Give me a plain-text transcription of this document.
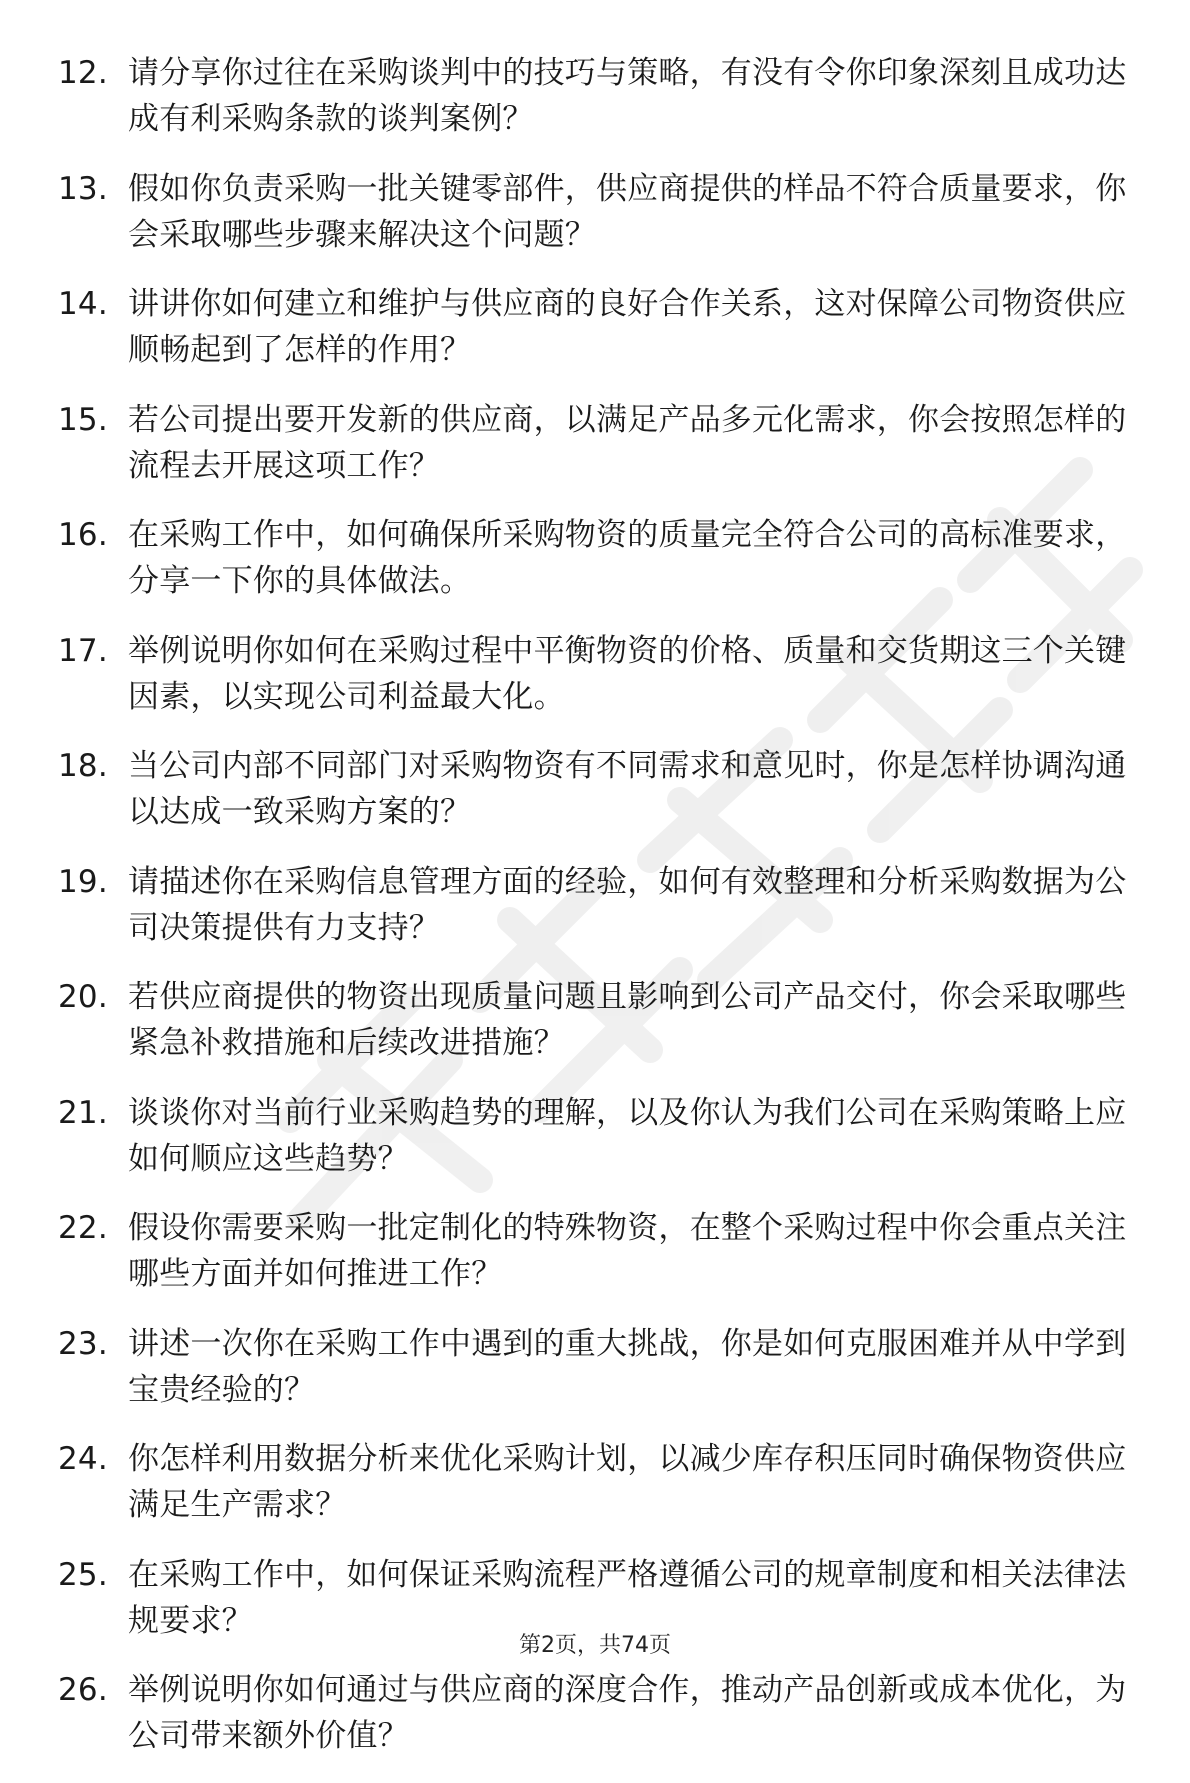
12. 请分享你过往在采购谈判中的技巧与策略，有没有令你印象深刻且成功达成有利采购条款的谈判案例？
13. 假如你负责采购一批关键零部件，供应商提供的样品不符合质量要求，你会采取哪些步骤来解决这个问题？
14. 讲讲你如何建立和维护与供应商的良好合作关系，这对保障公司物资供应顺畅起到了怎样的作用？
15. 若公司提出要开发新的供应商，以满足产品多元化需求，你会按照怎样的流程去开展这项工作？
16. 在采购工作中，如何确保所采购物资的质量完全符合公司的高标准要求，分享一下你的具体做法。
17. 举例说明你如何在采购过程中平衡物资的价格、质量和交货期这三个关键因素，以实现公司利益最大化。
18. 当公司内部不同部门对采购物资有不同需求和意见时，你是怎样协调沟通以达成一致采购方案的？
19. 请描述你在采购信息管理方面的经验，如何有效整理和分析采购数据为公司决策提供有力支持？
20. 若供应商提供的物资出现质量问题且影响到公司产品交付，你会采取哪些紧急补救措施和后续改进措施？
21. 谈谈你对当前行业采购趋势的理解，以及你认为我们公司在采购策略上应如何顺应这些趋势？
22. 假设你需要采购一批定制化的特殊物资，在整个采购过程中你会重点关注哪些方面并如何推进工作？
23. 讲述一次你在采购工作中遇到的重大挑战，你是如何克服困难并从中学到宝贵经验的？
24. 你怎样利用数据分析来优化采购计划，以减少库存积压同时确保物资供应满足生产需求？
25. 在采购工作中，如何保证采购流程严格遵循公司的规章制度和相关法律法规要求？
26. 举例说明你如何通过与供应商的深度合作，推动产品创新或成本优化，为公司带来额外价值？
第2页，共74页
